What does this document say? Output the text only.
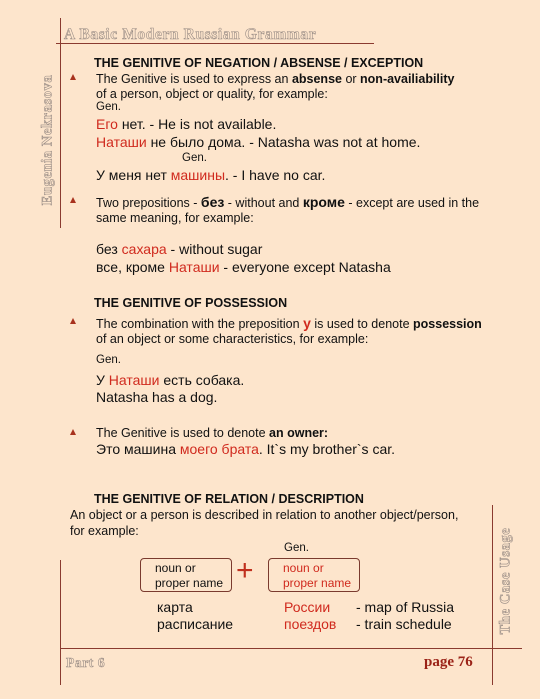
A Basic Modern Russian Grammar
Eugenia Nekrasova
The Case Usage
Part 6	page 76
THE GENITIVE OF NEGATION / ABSENSE / EXCEPTION
The Genitive is used to express an absense or non-availiability
of a person, object or quality, for example:
Gen.
Его нет. - He is not available.
Наташи не было дома. - Natasha was not at home.
Gen.
У меня нет машины. - I have no car.
Two prepositions - без - without and кроме - except are used in the
same meaning, for example:
без сахара - without sugar
все, кроме Наташи - everyone except Natasha
THE GENITIVE OF POSSESSION
The combination with the preposition у is used to denote possession
of an object or some characteristics, for example:
Gen.
У Наташи есть собака.
Natasha has a dog.
The Genitive is used to denote an owner:
Это машина моего брата. It`s my brother`s car.
THE GENITIVE OF RELATION / DESCRIPTION
An object or a person is described in relation to another object/person,
for example:
Gen.
noun or
proper name + noun or
proper name
карта	России - map of Russia
расписание	поездов - train schedule
